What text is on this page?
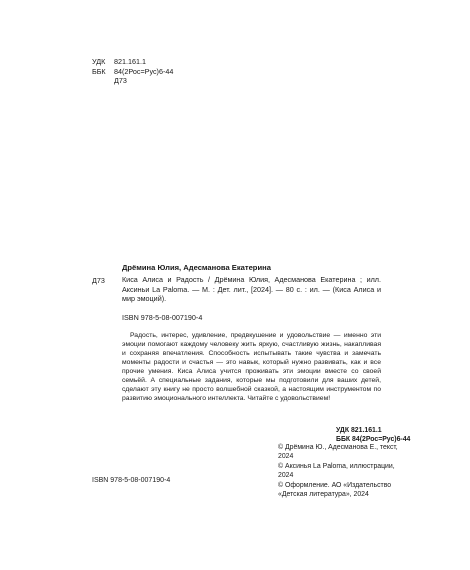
УДК	821.161.1
ББК	84(2Рос=Рус)6-44
Д73
Д73
Дрёмина Юлия, Адесманова Екатерина

Киса Алиса и Радость / Дрёмина Юлия, Адесманова Екатерина ; илл. Аксиньи La Paloma. — М. : Дет. лит., [2024]. — 80 с. : ил. — (Киса Алиса и мир эмоций).

ISBN 978-5-08-007190-4

Радость, интерес, удивление, предвкушение и удовольствие — именно эти эмоции помогают каждому человеку жить яркую, счастливую жизнь, накапливая и сохраняя впечатления. Способность испытывать такие чувства и замечать моменты радости и счастья — это навык, который нужно развивать, как и все прочие умения. Киса Алиса учится проживать эти эмоции вместе со своей семьёй. А специальные задания, которые мы подготовили для ваших детей, сделают эту книгу не просто волшебной сказкой, а настоящим инструментом по развитию эмоционального интеллекта. Читайте с удовольствием!

УДК 821.161.1
ББК 84(2Рос=Рус)6-44
ISBN 978-5-08-007190-4
© Дрёмина Ю., Адесманова Е., текст, 2024
© Аксинья La Paloma, иллюстрации, 2024
© Оформление. АО «Издательство «Детская литература», 2024
